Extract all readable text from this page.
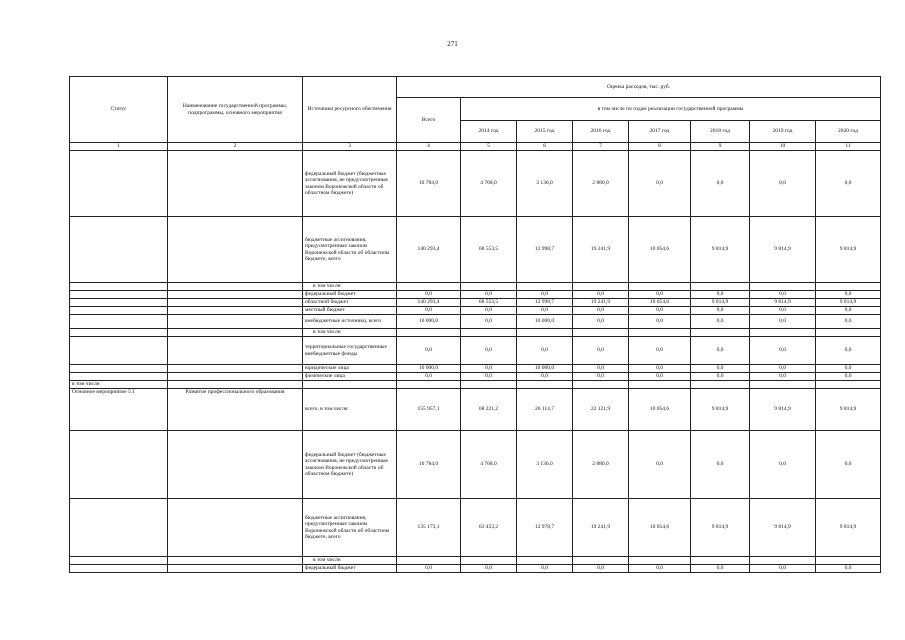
271
Статус	Наименование государственной программы, подпрограммы, основного мероприятия	Источники ресурсного обеспечения	Оценка расходов, тыс. руб.							
			Всего	в том числе по годам реализации государственной программы						
				2014 год	2015 год	2016 год	2017 год	2018 год	2019 год	2020 год
1	2	3	4	5	6	7	8	9	10	11
		федеральный бюджет (бюджетные ассигнования, не предусмотренные законом Воронежской области об областном бюджете)	10 784,0	4 768,0	3 136,0	2 880,0	0,0	0,0	0,0	0,0
		бюджетные ассигнования, предусмотренные законом Воронежской области об областном бюджете, всего	140 293,4	68 553,5	12 998,7	19 241,9	10 054,6	9 814,9	9 814,9	9 814,9
		в том числе:								
		федеральный бюджет	0,0	0,0	0,0	0,0	0,0	0,0	0,0	0,0
		областной бюджет	140 293,4	68 553,5	12 998,7	19 241,9	10 054,6	9 814,9	9 814,9	9 814,9
		местный бюджет	0,0	0,0	0,0	0,0	0,0	0,0	0,0	0,0
		внебюджетные источники, всего	10 000,0	0,0	10 000,0	0,0	0,0	0,0	0,0	0,0
		в том числе:								
		территориальные государственные внебюджетные фонды	0,0	0,0	0,0	0,0	0,0	0,0	0,0	0,0
		юридические лица	10 000,0	0,0	10 000,0	0,0	0,0	0,0	0,0	0,0
		физические лица	0,0	0,0	0,0	0,0	0,0	0,0	0,0	0,0
в том числе:										
Основное мероприятие 5.1	Развитие профессионального образования	всего, в том числе:	155 957,1	68 221,2	26 114,7	22 121,9	10 054,6	9 814,9	9 814,9	9 814,9
		федеральный бюджет (бюджетные ассигнования, не предусмотренные законом Воронежской области об областном бюджете)	10 784,0	4 768,0	3 136,0	2 880,0	0,0	0,0	0,0	0,0
		бюджетные ассигнования, предусмотренные законом Воронежской области об областном бюджете, всего	135 173,1	63 453,2	12 978,7	19 241,9	10 054,6	9 814,9	9 814,9	9 814,9
		в том числе:								
		федеральный бюджет	0,0	0,0	0,0	0,0	0,0	0,0	0,0	0,0
